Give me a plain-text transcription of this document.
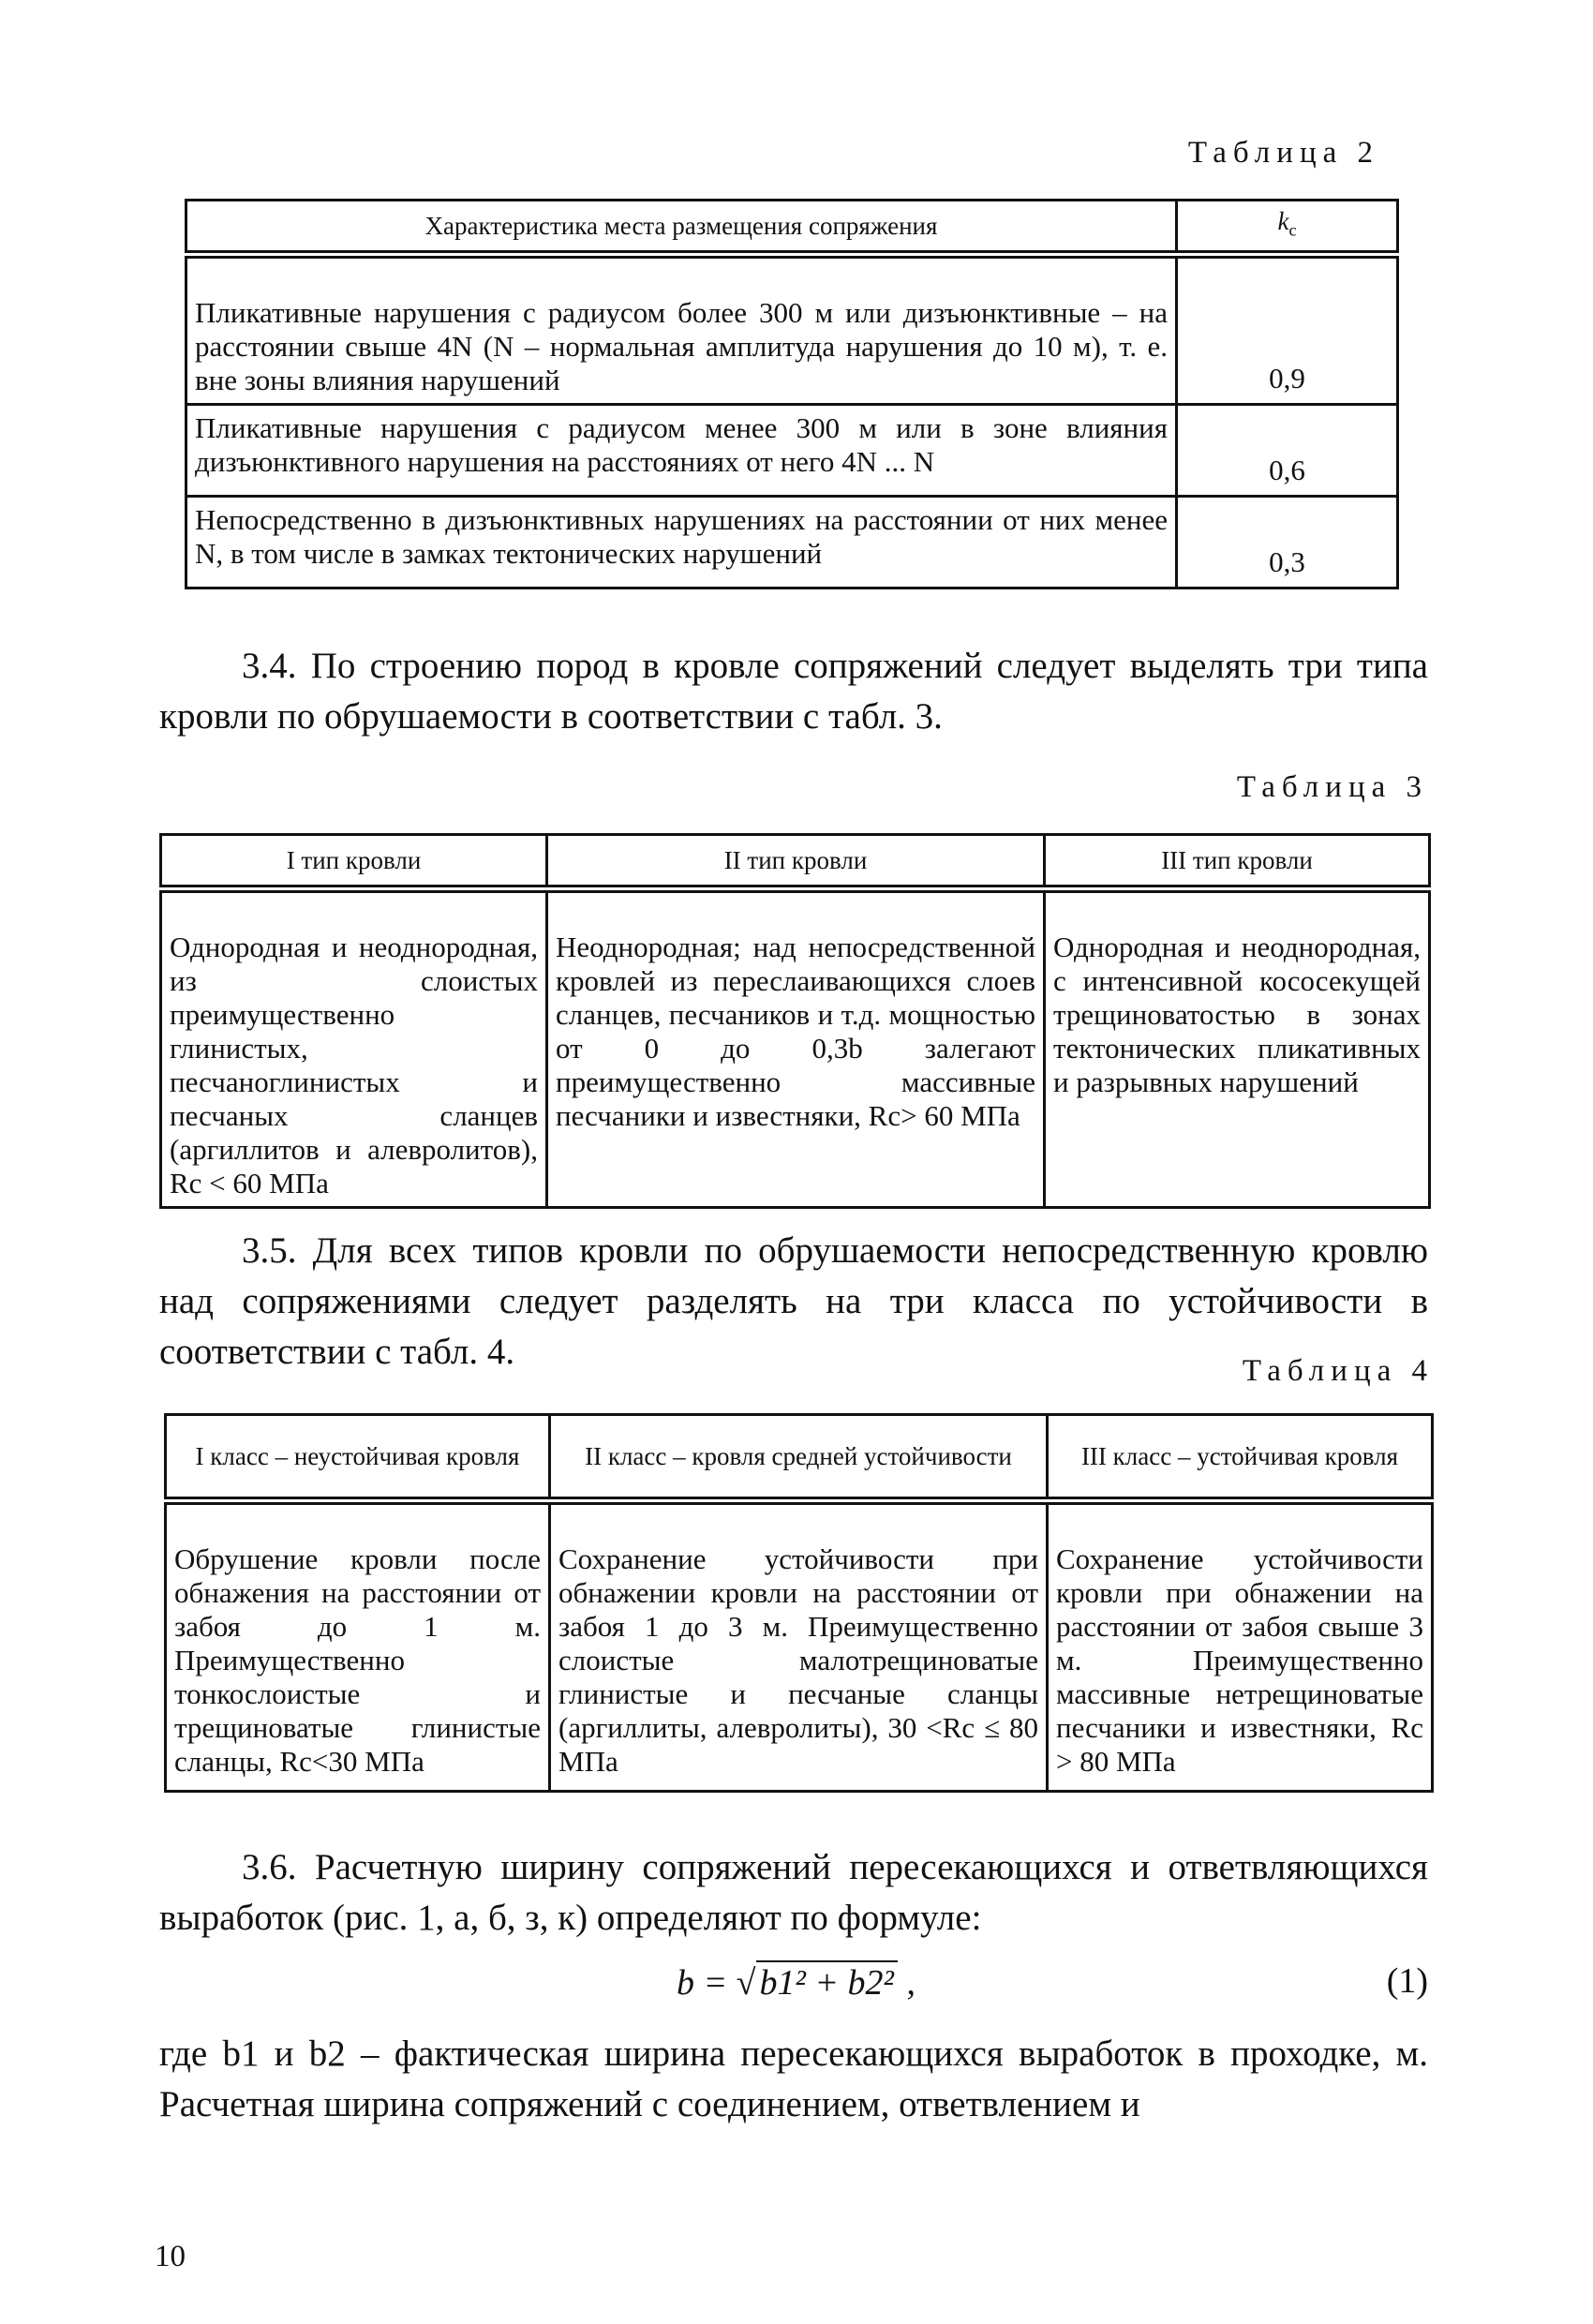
Таблица 2
Характеристика места размещения сопряжения	$k_c$
Пликативные нарушения с радиусом более 300 м или дизъюнктивные – на расстоянии свыше 4N (N – нормальная амплитуда нарушения до 10 м), т. е. вне зоны влияния нарушений	0,9
Пликативные нарушения с радиусом менее 300 м или в зоне влияния дизъюнктивного нарушения на расстояниях от него 4N ... N	0,6
Непосредственно в дизъюнктивных нарушениях на расстоянии от них менее N, в том числе в замках тектонических нарушений	0,3
3.4. По строению пород в кровле сопряжений следует выделять три типа кровли по обрушаемости в соответствии с табл. 3.
Таблица 3
I тип кровли	II тип кровли	III тип кровли
Однородная и неоднородная, из слоистых преимущественно глинистых, песчаноглинистых и песчаных сланцев (аргиллитов и алевролитов), Rc < 60 МПа	Неоднородная; над непосредственной кровлей из переслаивающихся слоев сланцев, песчаников и т.д. мощностью от 0 до 0,3b залегают преимущественно массивные песчаники и известняки, Rc> 60 МПа	Однородная и неоднородная, с интенсивной кососекущей трещиноватостью в зонах тектонических пликативных и разрывных нарушений
3.5. Для всех типов кровли по обрушаемости непосредственную кровлю над сопряжениями следует разделять на три класса по устойчивости в соответствии с табл. 4.	Таблица 4
I класс – неустойчивая кровля	II класс – кровля средней устойчивости	III класс – устойчивая кровля
Обрушение кровли после обнажения на расстоянии от забоя до 1 м. Преимущественно тонкослоистые и трещиноватые глинистые сланцы, Rc<30 МПа	Сохранение устойчивости при обнажении кровли на расстоянии от забоя 1 до 3 м. Преимущественно слоистые малотрещиноватые глинистые и песчаные сланцы (аргиллиты, алевролиты), 30 <Rc ≤ 80 МПа	Сохранение устойчивости кровли при обнажении на расстоянии от забоя свыше 3 м. Преимущественно массивные нетрещиноватые песчаники и известняки, Rc > 80 МПа
3.6. Расчетную ширину сопряжений пересекающихся и ответвляющихся выработок (рис. 1, а, б, з, к) определяют по формуле:
b = √ b1² + b2² ,	(1)
где b1 и b2 – фактическая ширина пересекающихся выработок в проходке, м. Расчетная ширина сопряжений с соединением, ответвлением и
10
